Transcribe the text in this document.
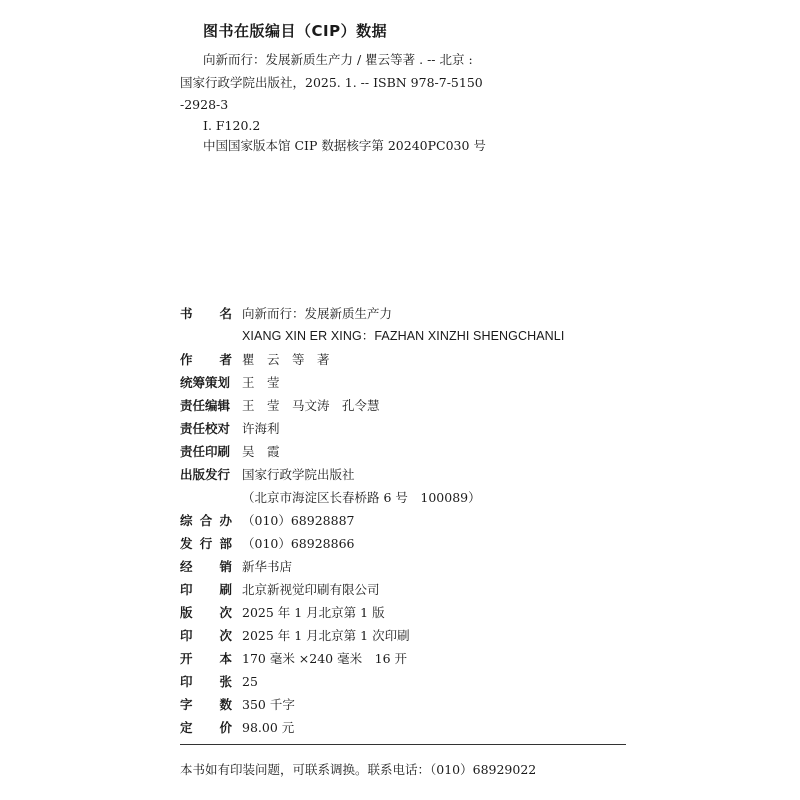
图书在版编目（CIP）数据
向新而行：发展新质生产力 / 瞿云等著 . -- 北京 :
国家行政学院出版社，2025. 1. -- ISBN 978-7-5150
-2928-3
Ⅰ. F120.2
中国国家版本馆 CIP 数据核字第 20240PC030 号
书 名 向新而行：发展新质生产力
XIANG XIN ER XING：FAZHAN XINZHI SHENGCHANLI
作 者 瞿　云　等　著
统 筹 策 划 王　莹
责 任 编 辑 王　莹　马文涛　孔令慧
责 任 校 对 许海利
责 任 印 刷 吴　霞
出 版 发 行 国家行政学院出版社
（北京市海淀区长春桥路 6 号　100089）
综 合 办 （010）68928887
发 行 部 （010）68928866
经 销 新华书店
印 刷 北京新视觉印刷有限公司
版 次 2025 年 1 月北京第 1 版
印 次 2025 年 1 月北京第 1 次印刷
开 本 170 毫米 ×240 毫米　16 开
印 张 25
字 数 350 千字
定 价 98.00 元
本书如有印装问题，可联系调换。联系电话：（010）68929022
